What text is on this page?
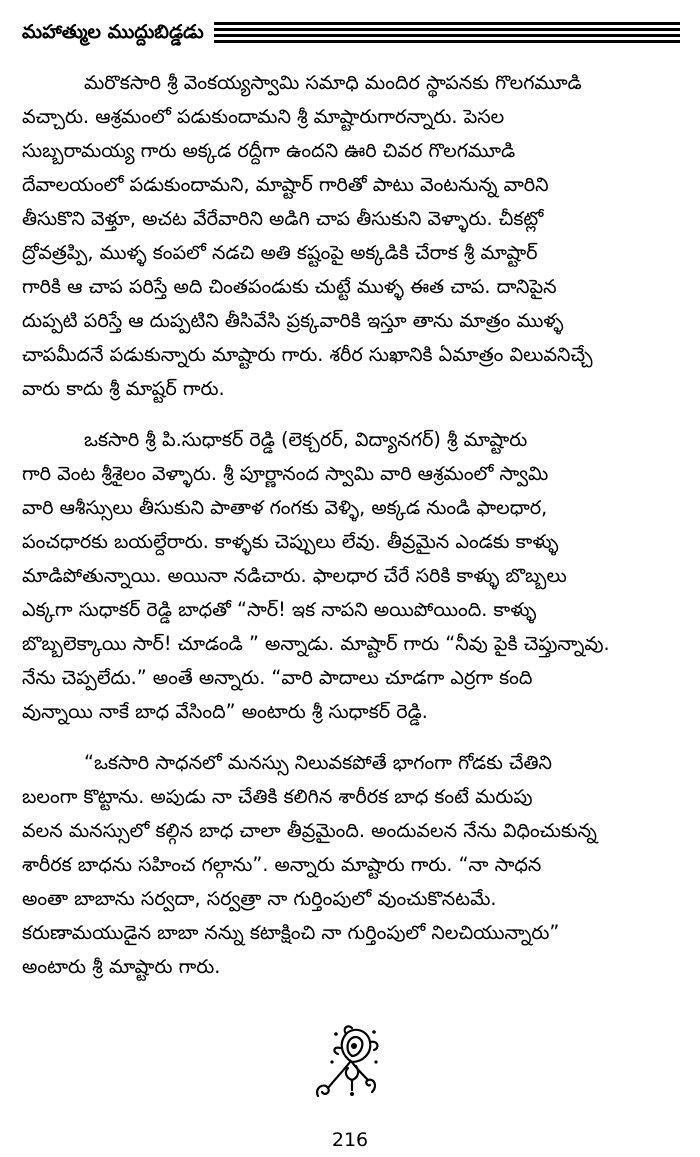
మహాత్ముల ముద్దుబిడ్డడు

మరొకసారి శ్రీ వెంకయ్యస్వామి సమాధి మందిర స్థాపనకు గొలగమూడి
వచ్చారు. ఆశ్రమంలో పడుకుందామని శ్రీ మాష్టారుగారన్నారు. పెసల
సుబ్బరామయ్య గారు అక్కడ రద్దీగా ఉందని ఊరి చివర గొలగమూడి
దేవాలయంలో పడుకుందామని, మాష్టార్ గారితో పాటు వెంటనున్న వారిని
తీసుకొని వెళ్తూ, అచట వేరేవారిని అడిగి చాప తీసుకుని వెళ్ళారు. చీకట్లో
ద్రోవత్రప్పి, ముళ్ళ కంపలో నడచి అతి కష్టంపై అక్కడికి చేరాక శ్రీ మాష్టార్
గారికి ఆ చాప పరిస్తే అది చింతపండుకు చుట్టే ముళ్ళ ఈత చాప. దానిపైన
దుప్పటి పరిస్తే ఆ దుప్పటిని తీసివేసి ప్రక్కవారికి ఇస్తూ తాను మాత్రం ముళ్ళ
చాపమీదనే పడుకున్నారు మాష్టారు గారు. శరీర సుఖానికి ఏమాత్రం విలువనిచ్చే
వారు కాదు శ్రీ మాష్టర్ గారు.

ఒకసారి శ్రీ పి.సుధాకర్ రెడ్డి (లెక్చరర్, విద్యానగర్) శ్రీ మాష్టారు
గారి వెంట శ్రీశైలం వెళ్ళారు. శ్రీ పూర్ణానంద స్వామి వారి ఆశ్రమంలో స్వామి
వారి ఆశీస్సులు తీసుకుని పాతాళ గంగకు వెళ్ళి, అక్కడ నుండి ఫాలధార,
పంచధారకు బయల్దేరారు. కాళ్ళకు చెప్పులు లేవు. తీవ్రమైన ఎండకు కాళ్ళు
మాడిపోతున్నాయి. అయినా నడిచారు. ఫాలధార చేరే సరికి కాళ్ళు బొబ్బలు
ఎక్కగా సుధాకర్ రెడ్డి బాధతో “సార్! ఇక నాపని అయిపోయింది. కాళ్ళు
బొబ్బలెక్కాయి సార్! చూడండి ” అన్నాడు. మాష్టార్ గారు “నీవు పైకి చెప్తున్నావు.
నేను చెప్పలేదు.” అంతే అన్నారు. “వారి పాదాలు చూడగా ఎర్రగా కంది
వున్నాయి నాకే బాధ వేసింది” అంటారు శ్రీ సుధాకర్ రెడ్డి.

“ఒకసారి సాధనలో మనస్సు నిలువకపోతే భాగంగా గోడకు చేతిని
బలంగా కొట్టాను. అపుడు నా చేతికి కలిగిన శారీరక బాధ కంటే మరుపు
వలన మనస్సులో కల్గిన బాధ చాలా తీవ్రమైంది. అందువలన నేను విధించుకున్న
శారీరక బాధను సహించ గల్గాను”. అన్నారు మాష్టారు గారు. “నా సాధన
అంతా బాబాను సర్వదా, సర్వత్రా నా గుర్తింపులో వుంచుకొనటమే.
కరుణామయుడైన బాబా నన్ను కటాక్షించి నా గుర్తింపులో నిలచియున్నారు”
అంటారు శ్రీ మాష్టారు గారు.

216
